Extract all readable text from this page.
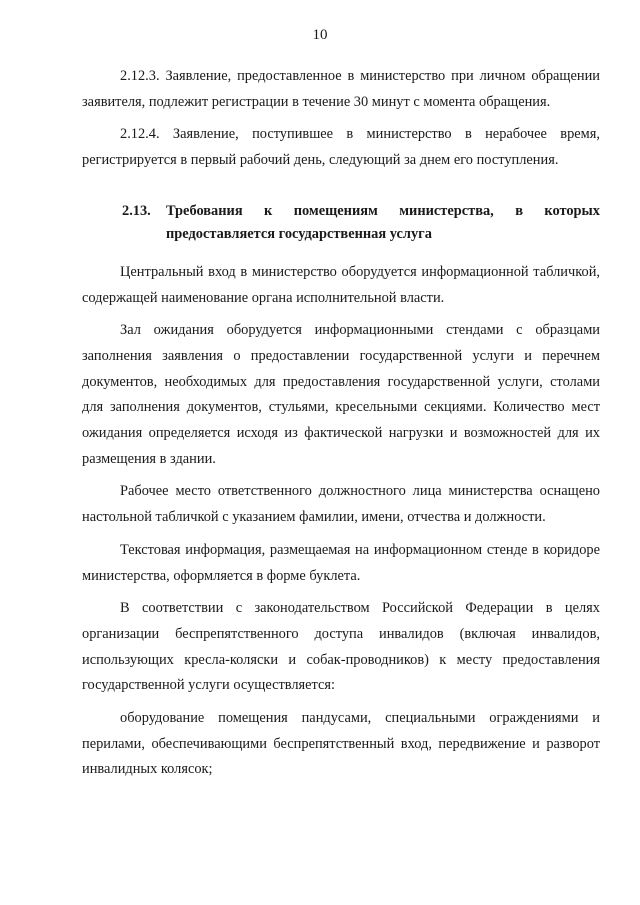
10

2.12.3. Заявление, предоставленное в министерство при личном обращении заявителя, подлежит регистрации в течение 30 минут с момента обращения.

2.12.4. Заявление, поступившее в министерство в нерабочее время, регистрируется в первый рабочий день, следующий за днем его поступления.

2.13.	Требования к помещениям министерства, в которых
предоставляется государственная услуга

Центральный вход в министерство оборудуется информационной табличкой, содержащей наименование органа исполнительной власти.

Зал ожидания оборудуется информационными стендами с образцами заполнения заявления о предоставлении государственной услуги и перечнем документов, необходимых для предоставления государственной услуги, столами для заполнения документов, стульями, кресельными секциями. Количество мест ожидания определяется исходя из фактической нагрузки и возможностей для их размещения в здании.

Рабочее место ответственного должностного лица министерства оснащено настольной табличкой с указанием фамилии, имени, отчества и должности.

Текстовая информация, размещаемая на информационном стенде в коридоре министерства, оформляется в форме буклета.

В соответствии с законодательством Российской Федерации в целях организации беспрепятственного доступа инвалидов (включая инвалидов, использующих кресла-коляски и собак-проводников) к месту предоставления государственной услуги осуществляется:

оборудование помещения пандусами, специальными ограждениями и перилами, обеспечивающими беспрепятственный вход, передвижение и разворот инвалидных колясок;
